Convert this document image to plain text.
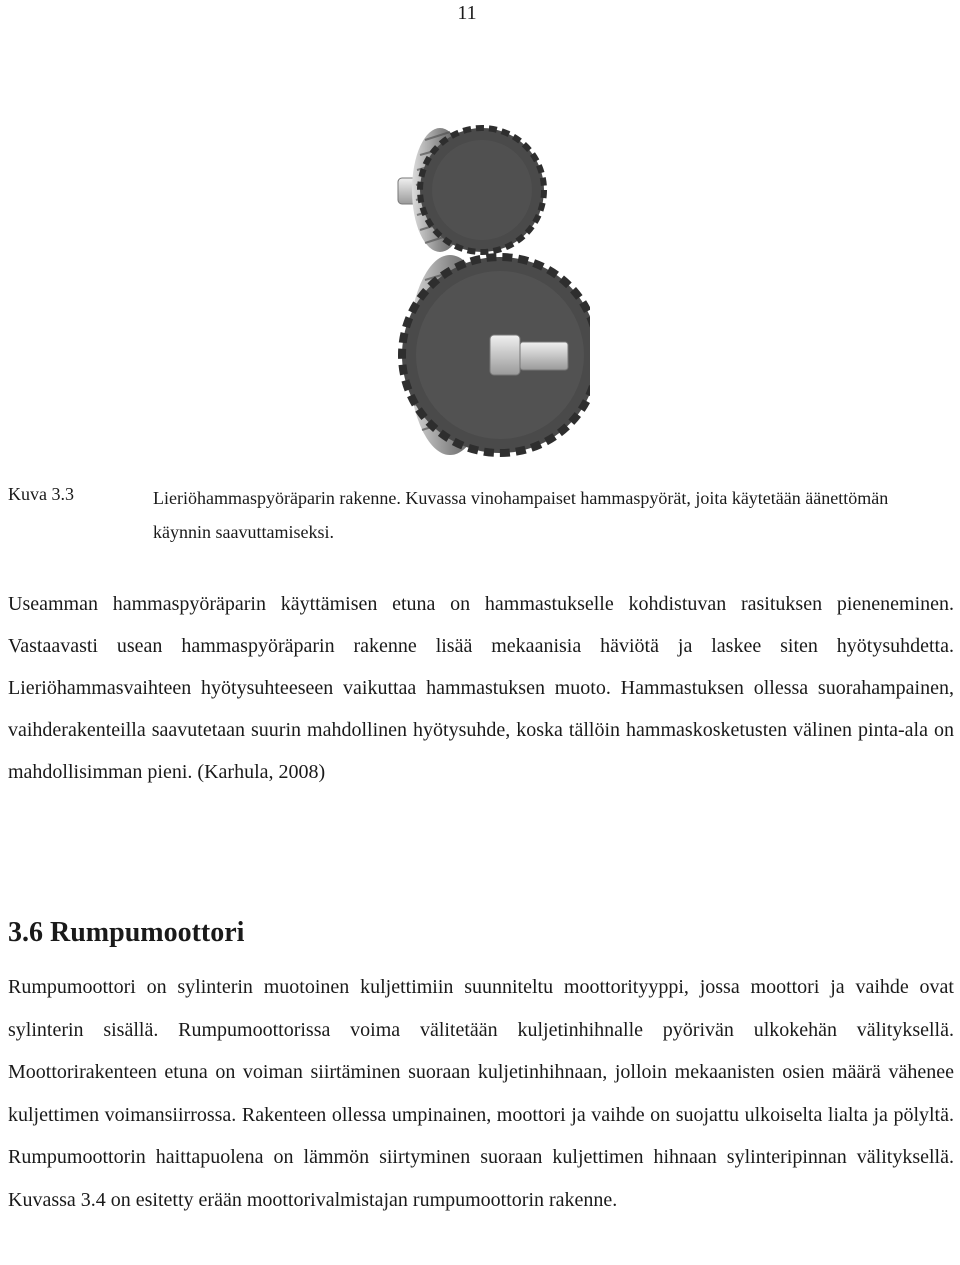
11
Kuva 3.3	Lieriöhammaspyöräparin rakenne. Kuvassa vinohampaiset hammaspyörät, joita käytetään äänettömän käynnin saavuttamiseksi.
Useamman hammaspyöräparin käyttämisen etuna on hammastukselle kohdistuvan rasituksen pieneneminen. Vastaavasti usean hammaspyöräparin rakenne lisää mekaanisia häviötä ja laskee siten hyötysuhdetta. Lieriöhammasvaihteen hyötysuhteeseen vaikuttaa hammastuksen muoto. Hammastuksen ollessa suorahampainen, vaihderakenteilla saavutetaan suurin mahdollinen hyötysuhde, koska tällöin hammaskosketusten välinen pinta-ala on mahdollisimman pieni. (Karhula, 2008)
3.6 Rumpumoottori
Rumpumoottori on sylinterin muotoinen kuljettimiin suunniteltu moottorityyppi, jossa moottori ja vaihde ovat sylinterin sisällä. Rumpumoottorissa voima välitetään kuljetinhihnalle pyörivän ulkokehän välityksellä. Moottorirakenteen etuna on voiman siirtäminen suoraan kuljetinhihnaan, jolloin mekaanisten osien määrä vähenee kuljettimen voimansiirrossa. Rakenteen ollessa umpinainen, moottori ja vaihde on suojattu ulkoiselta lialta ja pölyltä. Rumpumoottorin haittapuolena on lämmön siirtyminen suoraan kuljettimen hihnaan sylinteripinnan välityksellä. Kuvassa 3.4 on esitetty erään moottorivalmistajan rumpumoottorin rakenne.
